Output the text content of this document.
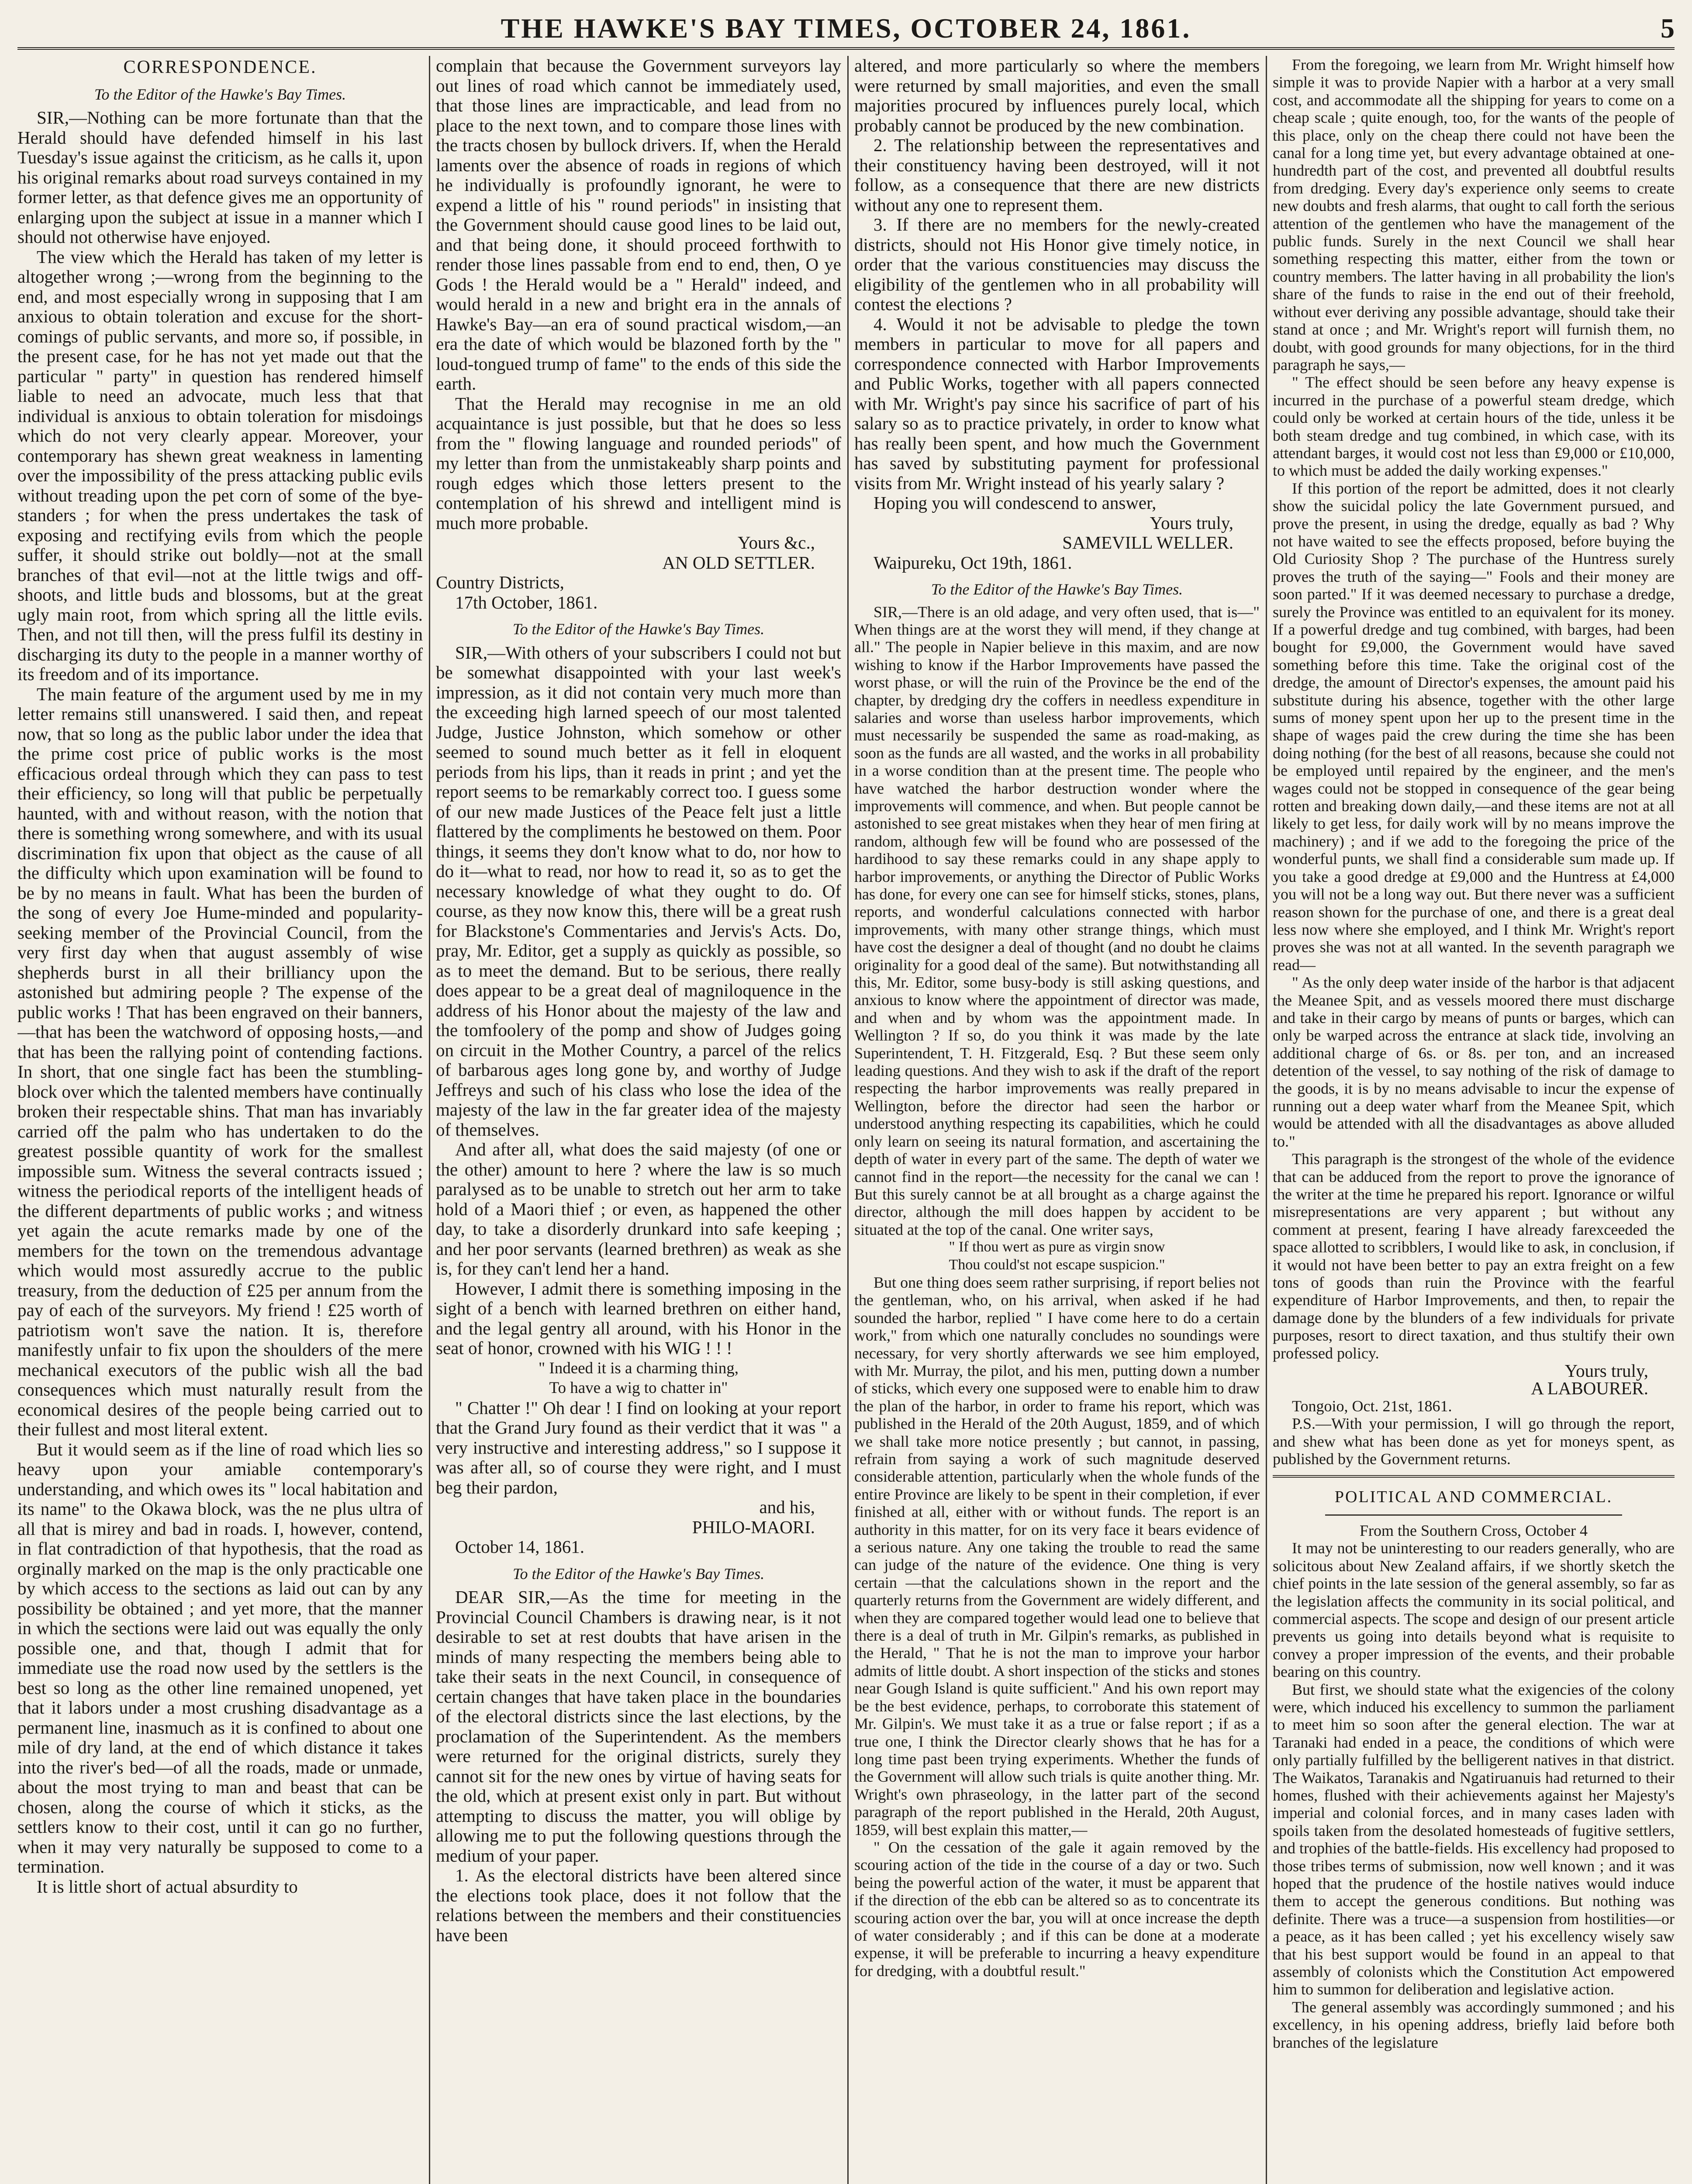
THE HAWKE'S BAY TIMES, OCTOBER 24, 1861.	5
CORRESPONDENCE.
To the Editor of the Hawke's Bay Times.

SIR,—Nothing can be more fortunate than that the Herald should have defended himself in his last Tuesday's issue against the criticism, as he calls it, upon his original remarks about road surveys contained in my former letter, as that defence gives me an opportunity of enlarging upon the subject at issue in a manner which I should not otherwise have enjoyed.

The view which the Herald has taken of my letter is altogether wrong ;—wrong from the beginning to the end, and most especially wrong in supposing that I am anxious to obtain toleration and excuse for the short-comings of public servants, and more so, if possible, in the present case, for he has not yet made out that the particular " party" in question has rendered himself liable to need an advocate, much less that that individual is anxious to obtain toleration for misdoings which do not very clearly appear. Moreover, your contemporary has shewn great weakness in lamenting over the impossibility of the press attacking public evils without treading upon the pet corn of some of the bye-standers ; for when the press undertakes the task of exposing and rectifying evils from which the people suffer, it should strike out boldly—not at the small branches of that evil—not at the little twigs and off-shoots, and little buds and blossoms, but at the great ugly main root, from which spring all the little evils. Then, and not till then, will the press fulfil its destiny in discharging its duty to the people in a manner worthy of its freedom and of its importance.

The main feature of the argument used by me in my letter remains still unanswered. I said then, and repeat now, that so long as the public labor under the idea that the prime cost price of public works is the most efficacious ordeal through which they can pass to test their efficiency, so long will that public be perpetually haunted, with and without reason, with the notion that there is something wrong somewhere, and with its usual discrimination fix upon that object as the cause of all the difficulty which upon examination will be found to be by no means in fault. What has been the burden of the song of every Joe Hume-minded and popularity-seeking member of the Provincial Council, from the very first day when that august assembly of wise shepherds burst in all their brilliancy upon the astonished but admiring people ? The expense of the public works ! That has been engraved on their banners,—that has been the watchword of opposing hosts,—and that has been the rallying point of contending factions. In short, that one single fact has been the stumbling-block over which the talented members have continually broken their respectable shins. That man has invariably carried off the palm who has undertaken to do the greatest possible quantity of work for the smallest impossible sum. Witness the several contracts issued ; witness the periodical reports of the intelligent heads of the different departments of public works ; and witness yet again the acute remarks made by one of the members for the town on the tremendous advantage which would most assuredly accrue to the public treasury, from the deduction of £25 per annum from the pay of each of the surveyors. My friend ! £25 worth of patriotism won't save the nation. It is, therefore manifestly unfair to fix upon the shoulders of the mere mechanical executors of the public wish all the bad consequences which must naturally result from the economical desires of the people being carried out to their fullest and most literal extent.

But it would seem as if the line of road which lies so heavy upon your amiable contemporary's understanding, and which owes its " local habitation and its name" to the Okawa block, was the ne plus ultra of all that is mirey and bad in roads. I, however, contend, in flat contradiction of that hypothesis, that the road as orginally marked on the map is the only practicable one by which access to the sections as laid out can by any possibility be obtained ; and yet more, that the manner in which the sections were laid out was equally the only possible one, and that, though I admit that for immediate use the road now used by the settlers is the best so long as the other line remained unopened, yet that it labors under a most crushing disadvantage as a permanent line, inasmuch as it is confined to about one mile of dry land, at the end of which distance it takes into the river's bed—of all the roads, made or unmade, about the most trying to man and beast that can be chosen, along the course of which it sticks, as the settlers know to their cost, until it can go no further, when it may very naturally be supposed to come to a termination.

It is little short of actual absurdity to

complain that because the Government surveyors lay out lines of road which cannot be immediately used, that those lines are impracticable, and lead from no place to the next town, and to compare those lines with the tracts chosen by bullock drivers. If, when the Herald laments over the absence of roads in regions of which he individually is profoundly ignorant, he were to expend a little of his " round periods" in insisting that the Government should cause good lines to be laid out, and that being done, it should proceed forthwith to render those lines passable from end to end, then, O ye Gods ! the Herald would be a " Herald" indeed, and would herald in a new and bright era in the annals of Hawke's Bay—an era of sound practical wisdom,—an era the date of which would be blazoned forth by the " loud-tongued trump of fame" to the ends of this side the earth.

That the Herald may recognise in me an old acquaintance is just possible, but that he does so less from the " flowing language and rounded periods" of my letter than from the unmistakeably sharp points and rough edges which those letters present to the contemplation of his shrewd and intelligent mind is much more probable.

Yours &c.,
AN OLD SETTLER.

Country Districts,

17th October, 1861.

To the Editor of the Hawke's Bay Times.

SIR,—With others of your subscribers I could not but be somewhat disappointed with your last week's impression, as it did not contain very much more than the exceeding high larned speech of our most talented Judge, Justice Johnston, which somehow or other seemed to sound much better as it fell in eloquent periods from his lips, than it reads in print ; and yet the report seems to be remarkably correct too. I guess some of our new made Justices of the Peace felt just a little flattered by the compliments he bestowed on them. Poor things, it seems they don't know what to do, nor how to do it—what to read, nor how to read it, so as to get the necessary knowledge of what they ought to do. Of course, as they now know this, there will be a great rush for Blackstone's Commentaries and Jervis's Acts. Do, pray, Mr. Editor, get a supply as quickly as possible, so as to meet the demand. But to be serious, there really does appear to be a great deal of magniloquence in the address of his Honor about the majesty of the law and the tomfoolery of the pomp and show of Judges going on circuit in the Mother Country, a parcel of the relics of barbarous ages long gone by, and worthy of Judge Jeffreys and such of his class who lose the idea of the majesty of the law in the far greater idea of the majesty of themselves.

And after all, what does the said majesty (of one or the other) amount to here ? where the law is so much paralysed as to be unable to stretch out her arm to take hold of a Maori thief ; or even, as happened the other day, to take a disorderly drunkard into safe keeping ; and her poor servants (learned brethren) as weak as she is, for they can't lend her a hand.

However, I admit there is something imposing in the sight of a bench with learned brethren on either hand, and the legal gentry all around, with his Honor in the seat of honor, crowned with his WIG ! ! !

" Indeed it is a charming thing,
To have a wig to chatter in"

" Chatter !" Oh dear ! I find on looking at your report that the Grand Jury found as their verdict that it was " a very instructive and interesting address," so I suppose it was after all, so of course they were right, and I must beg their pardon,

and his,
PHILO-MAORI.

October 14, 1861.

To the Editor of the Hawke's Bay Times.

DEAR SIR,—As the time for meeting in the Provincial Council Chambers is drawing near, is it not desirable to set at rest doubts that have arisen in the minds of many respecting the members being able to take their seats in the next Council, in consequence of certain changes that have taken place in the boundaries of the electoral districts since the last elections, by the proclamation of the Superintendent. As the members were returned for the original districts, surely they cannot sit for the new ones by virtue of having seats for the old, which at present exist only in part. But without attempting to discuss the matter, you will oblige by allowing me to put the following questions through the medium of your paper.

1. As the electoral districts have been altered since the elections took place, does it not follow that the relations between the members and their constituencies have been

altered, and more particularly so where the members were returned by small majorities, and even the small majorities procured by influences purely local, which probably cannot be produced by the new combination.

2. The relationship between the representatives and their constituency having been destroyed, will it not follow, as a consequence that there are new districts without any one to represent them.

3. If there are no members for the newly-created districts, should not His Honor give timely notice, in order that the various constituencies may discuss the eligibility of the gentlemen who in all probability will contest the elections ?

4. Would it not be advisable to pledge the town members in particular to move for all papers and correspondence connected with Harbor Improvements and Public Works, together with all papers connected with Mr. Wright's pay since his sacrifice of part of his salary so as to practice privately, in order to know what has really been spent, and how much the Government has saved by substituting payment for professional visits from Mr. Wright instead of his yearly salary ?

Hoping you will condescend to answer,

Yours truly,
SAMEVILL WELLER.

Waipureku, Oct 19th, 1861.

To the Editor of the Hawke's Bay Times.

SIR,—There is an old adage, and very often used, that is—" When things are at the worst they will mend, if they change at all." The people in Napier believe in this maxim, and are now wishing to know if the Harbor Improvements have passed the worst phase, or will the ruin of the Province be the end of the chapter, by dredging dry the coffers in needless expenditure in salaries and worse than useless harbor improvements, which must necessarily be suspended the same as road-making, as soon as the funds are all wasted, and the works in all probability in a worse condition than at the present time. The people who have watched the harbor destruction wonder where the improvements will commence, and when. But people cannot be astonished to see great mistakes when they hear of men firing at random, although few will be found who are possessed of the hardihood to say these remarks could in any shape apply to harbor improvements, or anything the Director of Public Works has done, for every one can see for himself sticks, stones, plans, reports, and wonderful calculations connected with harbor improvements, with many other strange things, which must have cost the designer a deal of thought (and no doubt he claims originality for a good deal of the same). But notwithstanding all this, Mr. Editor, some busy-body is still asking questions, and anxious to know where the appointment of director was made, and when and by whom was the appointment made. In Wellington ? If so, do you think it was made by the late Superintendent, T. H. Fitzgerald, Esq. ? But these seem only leading questions. And they wish to ask if the draft of the report respecting the harbor improvements was really prepared in Wellington, before the director had seen the harbor or understood anything respecting its capabilities, which he could only learn on seeing its natural formation, and ascertaining the depth of water in every part of the same. The depth of water we cannot find in the report—the necessity for the canal we can ! But this surely cannot be at all brought as a charge against the director, although the mill does happen by accident to be situated at the top of the canal. One writer says,

" If thou wert as pure as virgin snow
Thou could'st not escape suspicion."

But one thing does seem rather surprising, if report belies not the gentleman, who, on his arrival, when asked if he had sounded the harbor, replied " I have come here to do a certain work," from which one naturally concludes no soundings were necessary, for very shortly afterwards we see him employed, with Mr. Murray, the pilot, and his men, putting down a number of sticks, which every one supposed were to enable him to draw the plan of the harbor, in order to frame his report, which was published in the Herald of the 20th August, 1859, and of which we shall take more notice presently ; but cannot, in passing, refrain from saying a work of such magnitude deserved considerable attention, particularly when the whole funds of the entire Province are likely to be spent in their completion, if ever finished at all, either with or without funds. The report is an authority in this matter, for on its very face it bears evidence of a serious nature. Any one taking the trouble to read the same can judge of the nature of the evidence. One thing is very certain —that the calculations shown in the report and the quarterly returns from the Government are widely different, and when they are compared together would lead one to believe that there is a deal of truth in Mr. Gilpin's remarks, as published in the Herald, " That he is not the man to improve your harbor admits of little doubt. A short inspection of the sticks and stones near Gough Island is quite sufficient." And his own report may be the best evidence, perhaps, to corroborate this statement of Mr. Gilpin's. We must take it as a true or false report ; if as a true one, I think the Director clearly shows that he has for a long time past been trying experiments. Whether the funds of the Government will allow such trials is quite another thing. Mr. Wright's own phraseology, in the latter part of the second paragraph of the report published in the Herald, 20th August, 1859, will best explain this matter,—

" On the cessation of the gale it again removed by the scouring action of the tide in the course of a day or two. Such being the powerful action of the water, it must be apparent that if the direction of the ebb can be altered so as to concentrate its scouring action over the bar, you will at once increase the depth of water considerably ; and if this can be done at a moderate expense, it will be preferable to incurring a heavy expenditure for dredging, with a doubtful result."

From the foregoing, we learn from Mr. Wright himself how simple it was to provide Napier with a harbor at a very small cost, and accommodate all the shipping for years to come on a cheap scale ; quite enough, too, for the wants of the people of this place, only on the cheap there could not have been the canal for a long time yet, but every advantage obtained at one-hundredth part of the cost, and prevented all doubtful results from dredging. Every day's experience only seems to create new doubts and fresh alarms, that ought to call forth the serious attention of the gentlemen who have the management of the public funds. Surely in the next Council we shall hear something respecting this matter, either from the town or country members. The latter having in all probability the lion's share of the funds to raise in the end out of their freehold, without ever deriving any possible advantage, should take their stand at once ; and Mr. Wright's report will furnish them, no doubt, with good grounds for many objections, for in the third paragraph he says,—

" The effect should be seen before any heavy expense is incurred in the purchase of a powerful steam dredge, which could only be worked at certain hours of the tide, unless it be both steam dredge and tug combined, in which case, with its attendant barges, it would cost not less than £9,000 or £10,000, to which must be added the daily working expenses."

If this portion of the report be admitted, does it not clearly show the suicidal policy the late Government pursued, and prove the present, in using the dredge, equally as bad ? Why not have waited to see the effects proposed, before buying the Old Curiosity Shop ? The purchase of the Huntress surely proves the truth of the saying—" Fools and their money are soon parted." If it was deemed necessary to purchase a dredge, surely the Province was entitled to an equivalent for its money. If a powerful dredge and tug combined, with barges, had been bought for £9,000, the Government would have saved something before this time. Take the original cost of the dredge, the amount of Director's expenses, the amount paid his substitute during his absence, together with the other large sums of money spent upon her up to the present time in the shape of wages paid the crew during the time she has been doing nothing (for the best of all reasons, because she could not be employed until repaired by the engineer, and the men's wages could not be stopped in consequence of the gear being rotten and breaking down daily,—and these items are not at all likely to get less, for daily work will by no means improve the machinery) ; and if we add to the foregoing the price of the wonderful punts, we shall find a considerable sum made up. If you take a good dredge at £9,000 and the Huntress at £4,000 you will not be a long way out. But there never was a sufficient reason shown for the purchase of one, and there is a great deal less now where she employed, and I think Mr. Wright's report proves she was not at all wanted. In the seventh paragraph we read—

" As the only deep water inside of the harbor is that adjacent the Meanee Spit, and as vessels moored there must discharge and take in their cargo by means of punts or barges, which can only be warped across the entrance at slack tide, involving an additional charge of 6s. or 8s. per ton, and an increased detention of the vessel, to say nothing of the risk of damage to the goods, it is by no means advisable to incur the expense of running out a deep water wharf from the Meanee Spit, which would be attended with all the disadvantages as above alluded to."

This paragraph is the strongest of the whole of the evidence that can be adduced from the report to prove the ignorance of the writer at the time he prepared his report. Ignorance or wilful misrepresentations are very apparent ; but without any comment at present, fearing I have already farexceeded the space allotted to scribblers, I would like to ask, in conclusion, if it would not have been better to pay an extra freight on a few tons of goods than ruin the Province with the fearful expenditure of Harbor Improvements, and then, to repair the damage done by the blunders of a few individuals for private purposes, resort to direct taxation, and thus stultify their own professed policy.

Yours truly,
A LABOURER.

Tongoio, Oct. 21st, 1861.

P.S.—With your permission, I will go through the report, and shew what has been done as yet for moneys spent, as published by the Government returns.

POLITICAL AND COMMERCIAL.
From the Southern Cross, October 4

It may not be uninteresting to our readers generally, who are solicitous about New Zealand affairs, if we shortly sketch the chief points in the late session of the general assembly, so far as the legislation affects the community in its social political, and commercial aspects. The scope and design of our present article prevents us going into details beyond what is requisite to convey a proper impression of the events, and their probable bearing on this country.

But first, we should state what the exigencies of the colony were, which induced his excellency to summon the parliament to meet him so soon after the general election. The war at Taranaki had ended in a peace, the conditions of which were only partially fulfilled by the belligerent natives in that district. The Waikatos, Taranakis and Ngatiruanuis had returned to their homes, flushed with their achievements against her Majesty's imperial and colonial forces, and in many cases laden with spoils taken from the desolated homesteads of fugitive settlers, and trophies of the battle-fields. His excellency had proposed to those tribes terms of submission, now well known ; and it was hoped that the prudence of the hostile natives would induce them to accept the generous conditions. But nothing was definite. There was a truce—a suspension from hostilities—or a peace, as it has been called ; yet his excellency wisely saw that his best support would be found in an appeal to that assembly of colonists which the Constitution Act empowered him to summon for deliberation and legislative action.

The general assembly was accordingly summoned ; and his excellency, in his opening address, briefly laid before both branches of the legislature
